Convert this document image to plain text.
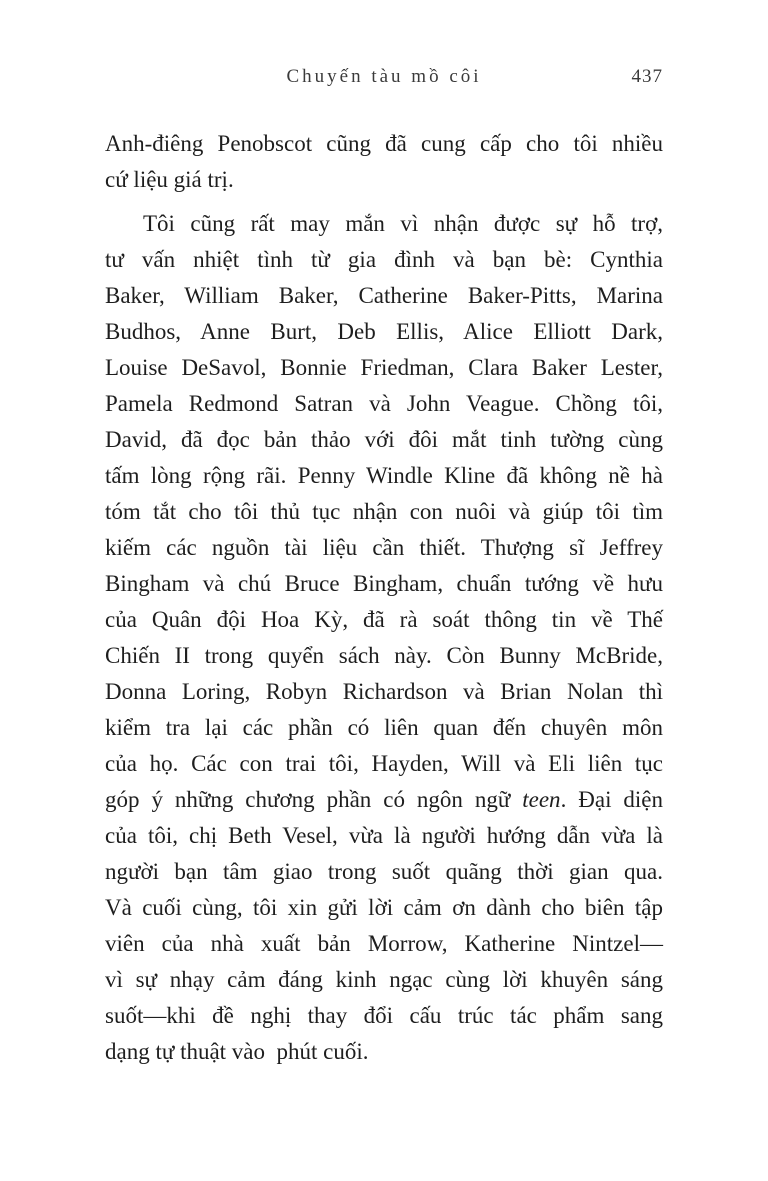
Chuyến tàu mồ côi	437
Anh-điêng Penobscot cũng đã cung cấp cho tôi nhiều
cứ liệu giá trị.
Tôi cũng rất may mắn vì nhận được sự hỗ trợ,
tư vấn nhiệt tình từ gia đình và bạn bè: Cynthia
Baker, William Baker, Catherine Baker-Pitts, Marina
Budhos, Anne Burt, Deb Ellis, Alice Elliott Dark,
Louise DeSavol, Bonnie Friedman, Clara Baker Lester,
Pamela Redmond Satran và John Veague. Chồng tôi,
David, đã đọc bản thảo với đôi mắt tinh tường cùng
tấm lòng rộng rãi. Penny Windle Kline đã không nề hà
tóm tắt cho tôi thủ tục nhận con nuôi và giúp tôi tìm
kiếm các nguồn tài liệu cần thiết. Thượng sĩ Jeffrey
Bingham và chú Bruce Bingham, chuẩn tướng về hưu
của Quân đội Hoa Kỳ, đã rà soát thông tin về Thế
Chiến II trong quyển sách này. Còn Bunny McBride,
Donna Loring, Robyn Richardson và Brian Nolan thì
kiểm tra lại các phần có liên quan đến chuyên môn
của họ. Các con trai tôi, Hayden, Will và Eli liên tục
góp ý những chương phần có ngôn ngữ teen. Đại diện
của tôi, chị Beth Vesel, vừa là người hướng dẫn vừa là
người bạn tâm giao trong suốt quãng thời gian qua.
Và cuối cùng, tôi xin gửi lời cảm ơn dành cho biên tập
viên của nhà xuất bản Morrow, Katherine Nintzel—
vì sự nhạy cảm đáng kinh ngạc cùng lời khuyên sáng
suốt—khi đề nghị thay đổi cấu trúc tác phẩm sang
dạng tự thuật vào  phút cuối.
